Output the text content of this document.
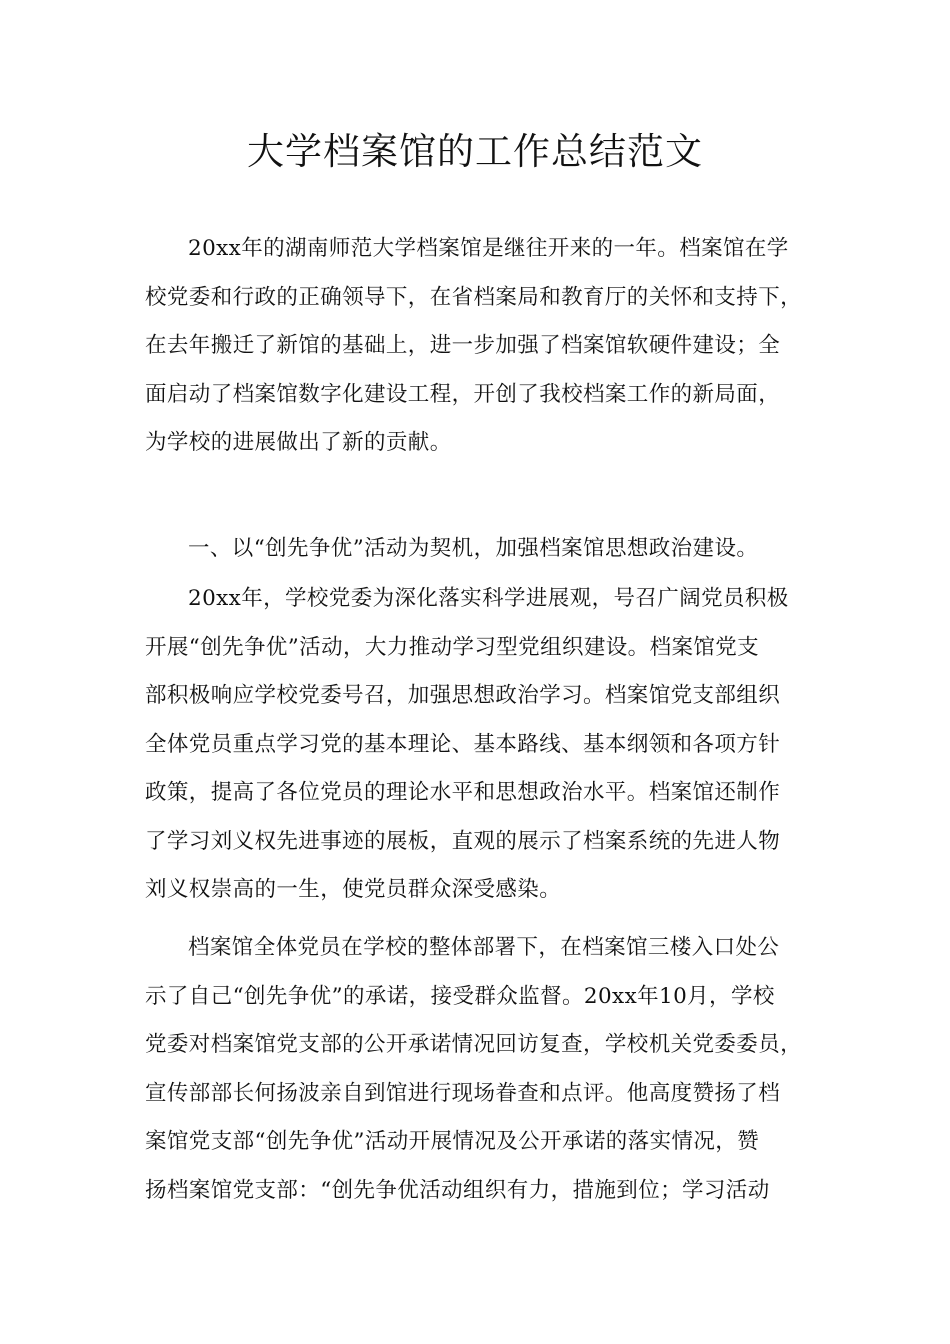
大学档案馆的工作总结范文
20xx年的湖南师范大学档案馆是继往开来的一年。档案馆在学
校党委和行政的正确领导下，在省档案局和教育厅的关怀和支持下，
在去年搬迁了新馆的基础上，进一步加强了档案馆软硬件建设；全
面启动了档案馆数字化建设工程，开创了我校档案工作的新局面，
为学校的进展做出了新的贡献。
一、以“创先争优”活动为契机，加强档案馆思想政治建设。
20xx年，学校党委为深化落实科学进展观，号召广阔党员积极
开展“创先争优”活动，大力推动学习型党组织建设。档案馆党支
部积极响应学校党委号召，加强思想政治学习。档案馆党支部组织
全体党员重点学习党的基本理论、基本路线、基本纲领和各项方针
政策，提高了各位党员的理论水平和思想政治水平。档案馆还制作
了学习刘义权先进事迹的展板，直观的展示了档案系统的先进人物
刘义权崇高的一生，使党员群众深受感染。
档案馆全体党员在学校的整体部署下，在档案馆三楼入口处公
示了自己“创先争优”的承诺，接受群众监督。20xx年10月，学校
党委对档案馆党支部的公开承诺情况回访复查，学校机关党委委员，
宣传部部长何扬波亲自到馆进行现场眷查和点评。他高度赞扬了档
案馆党支部“创先争优”活动开展情况及公开承诺的落实情况，赞
扬档案馆党支部：“创先争优活动组织有力，措施到位；学习活动
